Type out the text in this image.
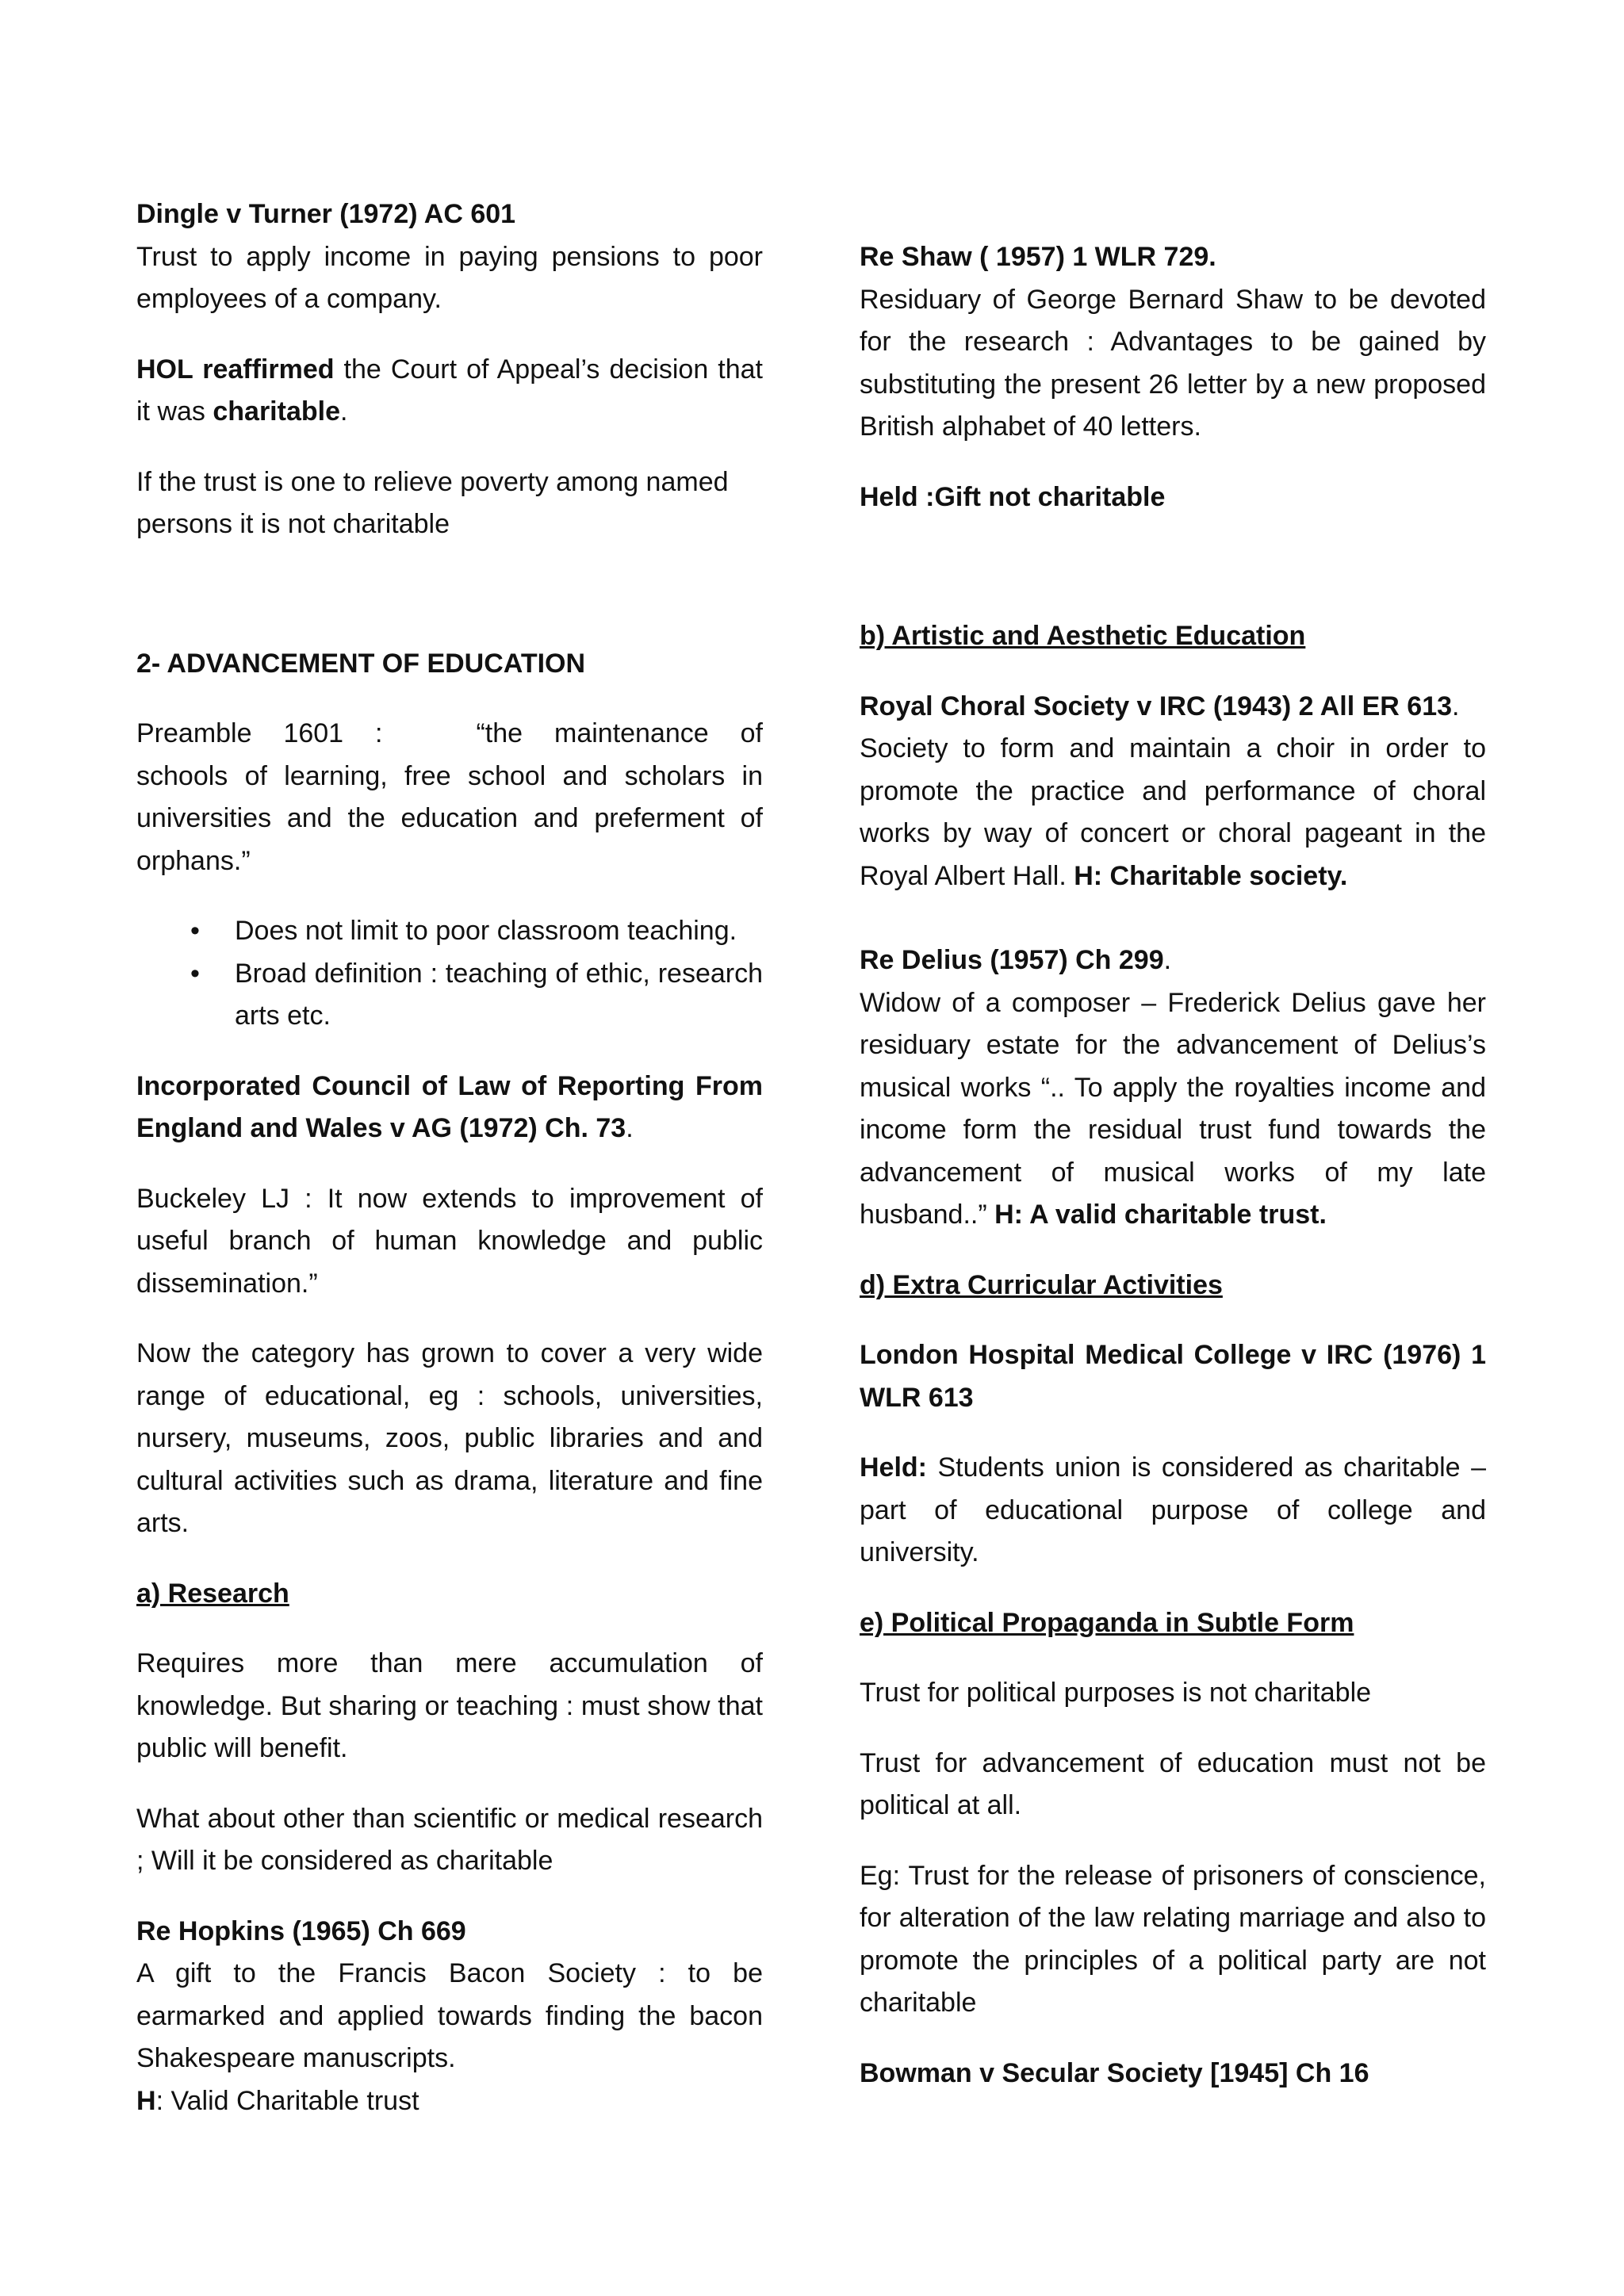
Dingle v Turner (1972) AC 601

Trust to apply income in paying pensions to poor employees of a company.

HOL reaffirmed the Court of Appeal’s decision that it was charitable.

If the trust is one to relieve poverty among named persons it is not charitable

2- ADVANCEMENT OF EDUCATION

Preamble 1601 :	“the maintenance of schools of learning, free school and scholars in universities and the education and preferment of orphans.”

• Does not limit to poor classroom teaching.
• Broad definition : teaching of ethic, research arts etc.

Incorporated Council of Law of Reporting From England and Wales v AG (1972) Ch. 73.

Buckeley LJ : It now extends to improvement of useful branch of human knowledge and public dissemination.”

Now the category has grown to cover a very wide range of educational, eg : schools, universities, nursery, museums, zoos, public libraries and and cultural activities such as drama, literature and fine arts.

a) Research

Requires more than mere accumulation of knowledge. But sharing or teaching : must show that public will benefit.

What about other than scientific or medical research ; Will it be considered as charitable

Re Hopkins (1965) Ch 669

A gift to the Francis Bacon Society : to be earmarked and applied towards finding the bacon Shakespeare manuscripts.

H: Valid Charitable trust

Re Shaw ( 1957) 1 WLR 729.

Residuary of George Bernard Shaw to be devoted for the research : Advantages to be gained by substituting the present 26 letter by a new proposed British alphabet of 40 letters.

Held :Gift not charitable

b) Artistic and Aesthetic Education

Royal Choral Society v IRC (1943) 2 All ER 613.

Society to form and maintain a choir in order to promote the practice and performance of choral works by way of concert or choral pageant in the Royal Albert Hall. H: Charitable society.

Re Delius (1957) Ch 299.

Widow of a composer – Frederick Delius gave her residuary estate for the advancement of Delius’s musical works “.. To apply the royalties income and income form the residual trust fund towards the advancement of musical works of my late husband..” H: A valid charitable trust.

d) Extra Curricular Activities

London Hospital Medical College v IRC (1976) 1 WLR 613

Held: Students union is considered as charitable – part of educational purpose of college and university.

e) Political Propaganda in Subtle Form

Trust for political purposes is not charitable

Trust for advancement of education must not be political at all.

Eg: Trust for the release of prisoners of conscience, for alteration of the law relating marriage and also to promote the principles of a political party are not charitable

Bowman v Secular Society [1945] Ch 16
